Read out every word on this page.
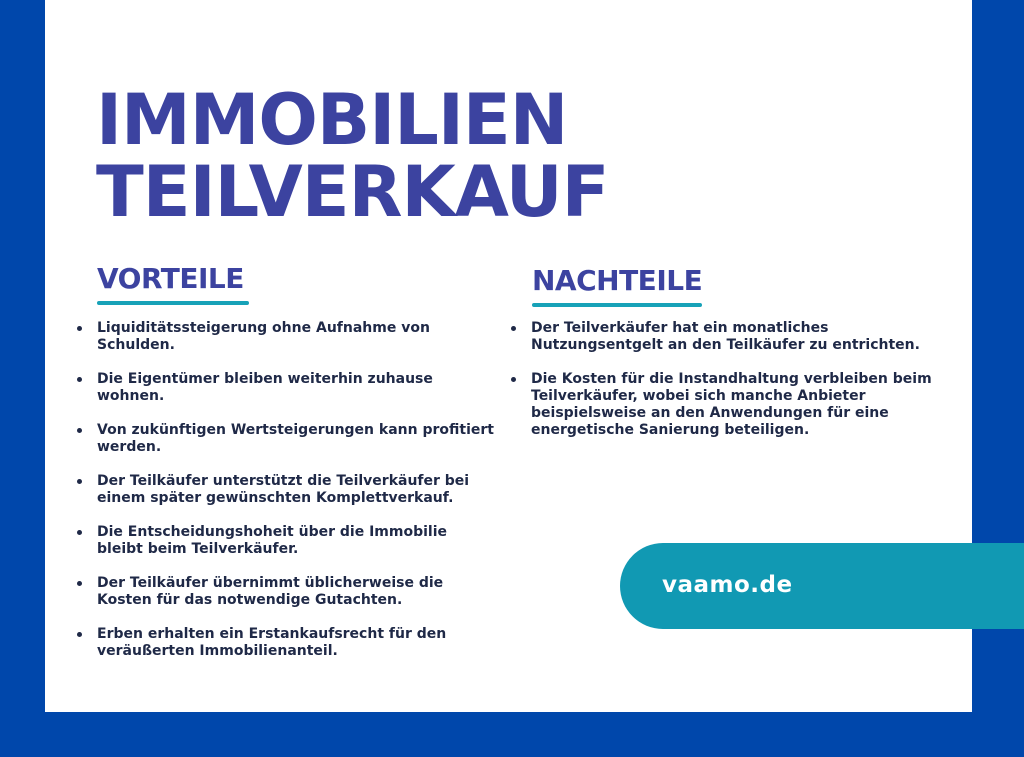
IMMOBILIEN
TEILVERKAUF
VORTEILE	NACHTEILE
Liquiditätssteigerung ohne Aufnahme von Schulden.
Die Eigentümer bleiben weiterhin zuhause wohnen.
Von zukünftigen Wertsteigerungen kann profitiert werden.
Der Teilkäufer unterstützt die Teilverkäufer bei einem später gewünschten Komplettverkauf.
Die Entscheidungshoheit über die Immobilie bleibt beim Teilverkäufer.
Der Teilkäufer übernimmt üblicherweise die Kosten für das notwendige Gutachten.
Erben erhalten ein Erstankaufsrecht für den veräußerten Immobilienanteil.
Der Teilverkäufer hat ein monatliches Nutzungsentgelt an den Teilkäufer zu entrichten.
Die Kosten für die Instandhaltung verbleiben beim Teilverkäufer, wobei sich manche Anbieter beispielsweise an den Anwendungen für eine energetische Sanierung beteiligen.
vaamo.de
